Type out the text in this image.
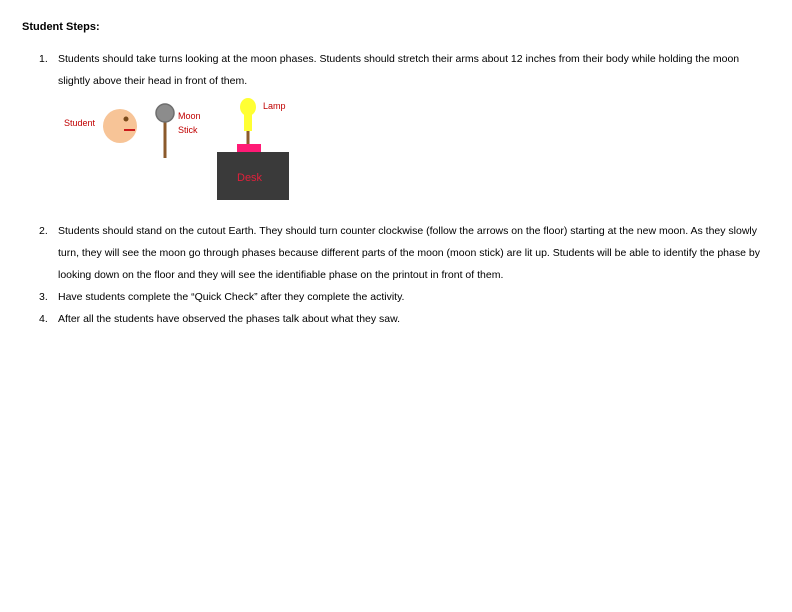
Student Steps:
1. Students should take turns looking at the moon phases. Students should stretch their arms about 12 inches from their body while holding the moon slightly above their head in front of them.
Student
Moon
Stick
Lamp
Desk
2. Students should stand on the cutout Earth. They should turn counter clockwise (follow the arrows on the floor) starting at the new moon. As they slowly turn, they will see the moon go through phases because different parts of the moon (moon stick) are lit up. Students will be able to identify the phase by looking down on the floor and they will see the identifiable phase on the printout in front of them.
3. Have students complete the “Quick Check” after they complete the activity.
4. After all the students have observed the phases talk about what they saw.
